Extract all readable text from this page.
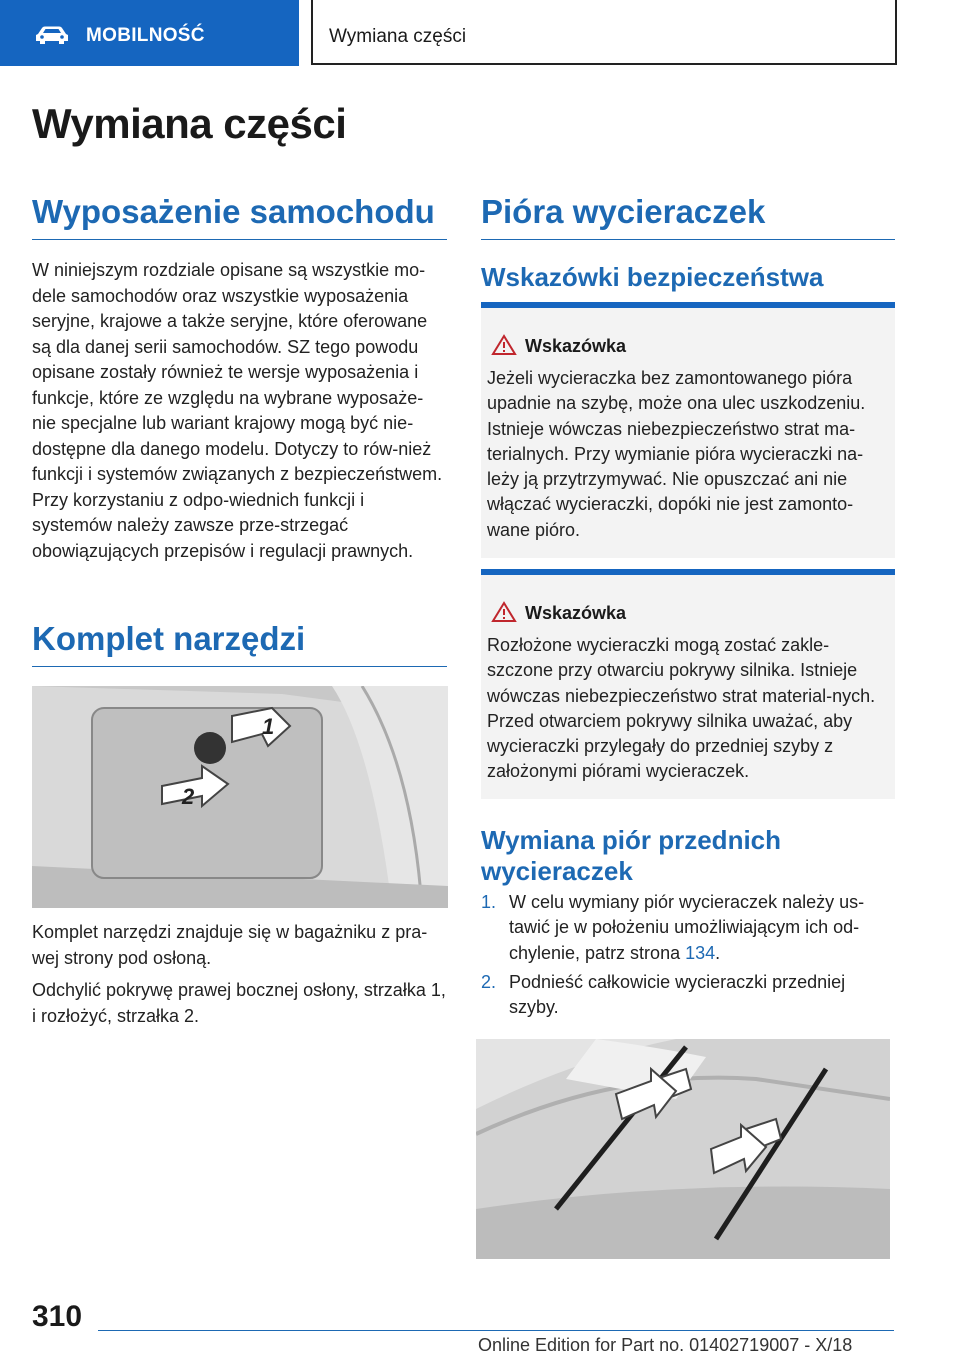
MOBILNOŚĆ	Wymiana części
Wymiana części
Wyposażenie samochodu

W niniejszym rozdziale opisane są wszystkie mo-dele samochodów oraz wszystkie wyposażenia seryjne, krajowe a także seryjne, które oferowane są dla danej serii samochodów. SZ tego powodu opisane zostały również te wersje wyposażenia i funkcje, które ze względu na wybrane wyposaże-nie specjalne lub wariant krajowy mogą być nie-dostępne dla danego modelu. Dotyczy to rów-nież funkcji i systemów związanych z bezpieczeństwem. Przy korzystaniu z odpo-wiednich funkcji i systemów należy zawsze prze-strzegać obowiązujących przepisów i regulacji prawnych.

Komplet narzędzi
1
2

Komplet narzędzi znajduje się w bagażniku z pra-wej strony pod osłoną.

Odchylić pokrywę prawej bocznej osłony, strzałka 1, i rozłożyć, strzałka 2.

Pióra wycieraczek
Wskazówki bezpieczeństwa
Wskazówka

Jeżeli wycieraczka bez zamontowanego pióra upadnie na szybę, może ona ulec uszkodzeniu. Istnieje wówczas niebezpieczeństwo strat ma-terialnych. Przy wymianie pióra wycieraczki na-leży ją przytrzymywać. Nie opuszczać ani nie włączać wycieraczki, dopóki nie jest zamonto-wane pióro.

Wskazówka

Rozłożone wycieraczki mogą zostać zakle-szczone przy otwarciu pokrywy silnika. Istnieje wówczas niebezpieczeństwo strat material-nych. Przed otwarciem pokrywy silnika uważać, aby wycieraczki przylegały do przedniej szyby z założonymi piórami wycieraczek.

Wymiana piór przednich wycieraczek
1. W celu wymiany piór wycieraczek należy us-tawić je w położeniu umożliwiającym ich od-chylenie, patrz strona 134.
2. Podnieść całkowicie wycieraczki przedniej szyby.
310
Online Edition for Part no. 01402719007 - X/18
